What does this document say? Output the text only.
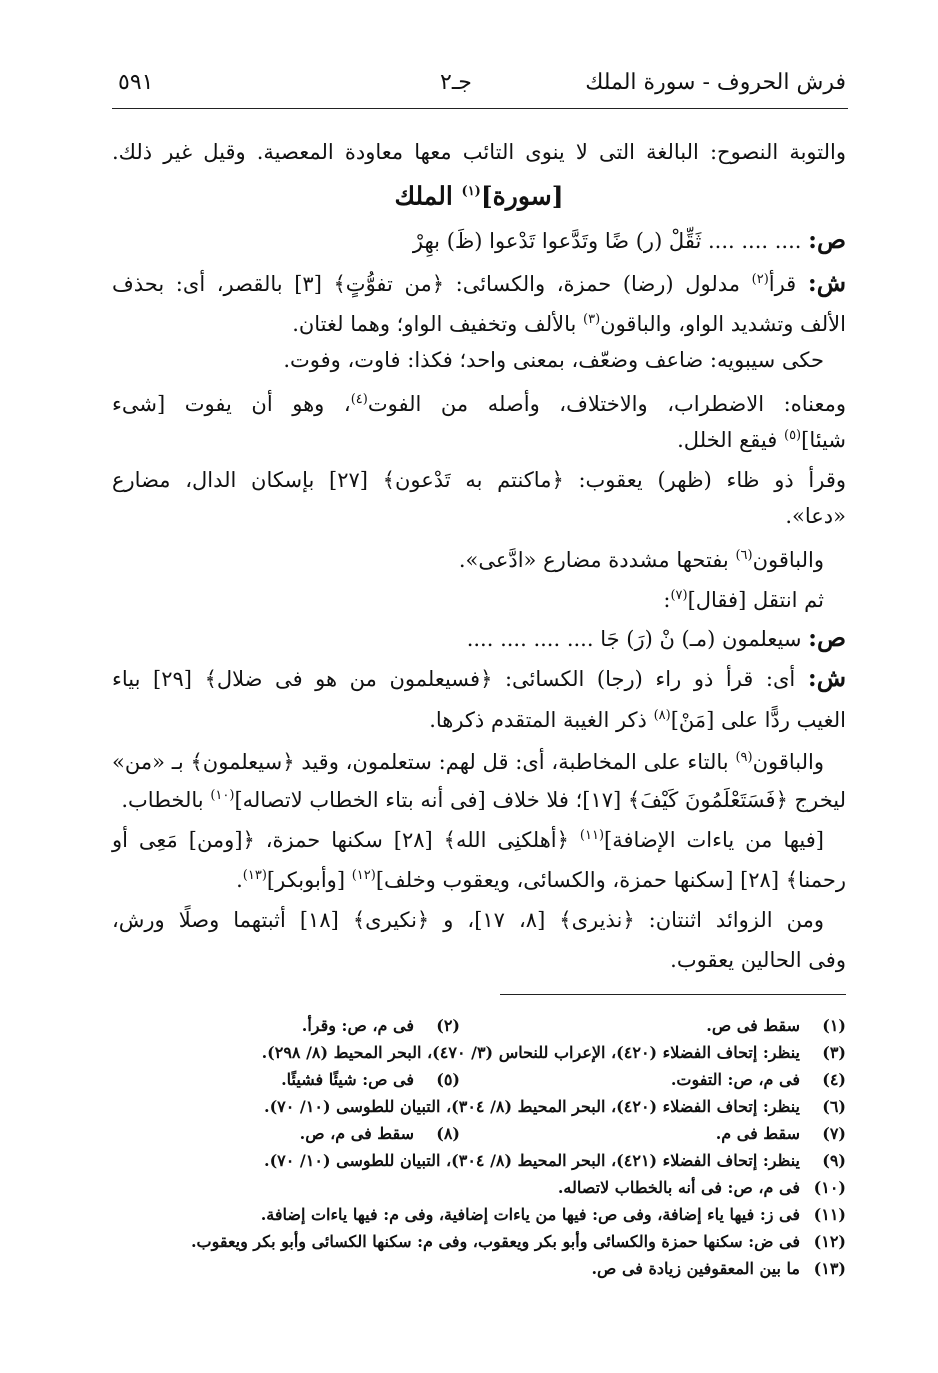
فرش الحروف - سورة الملك
جـ٢
٥٩١
والتوبة النصوح: البالغة التى لا ينوى التائب معها معاودة المعصية. وقيل غير ذلك.
[سورة]$^{(١)}$ الملك
ص: .... .... .... ثَقِّلْ (ر) ضًا وتَدَّعوا تَدْعوا (ظَ) بهِرْ
ش: قرأ$^{(٢)}$ مدلول (رضا) حمزة، والكسائى: ﴿من تفوُّتٍ﴾ [٣] بالقصر، أى: بحذف
الألف وتشديد الواو، والباقون$^{(٣)}$ بالألف وتخفيف الواو؛ وهما لغتان.
حكى سيبويه: ضاعف وضعّف، بمعنى واحد؛ فكذا: فاوت، وفوت.
ومعناه: الاضطراب، والاختلاف، وأصله من الفوت$^{(٤)}$، وهو أن يفوت [شىء
شيئا]$^{(٥)}$ فيقع الخلل.
وقرأ ذو ظاء (ظهر) يعقوب: ﴿ماكنتم به تَدْعون﴾ [٢٧] بإسكان الدال، مضارع
«دعا».
والباقون$^{(٦)}$ بفتحها مشددة مضارع «ادَّعى».
ثم انتقل [فقال]$^{(٧)}$:
ص: سيعلمون (مـ) نْ (رَ) جَا .... .... .... ....
ش: أى: قرأ ذو راء (رجا) الكسائى: ﴿فسيعلمون من هو فى ضلال﴾ [٢٩] بياء
الغيب ردًّا على [مَنْ]$^{(٨)}$ ذكر الغيبة المتقدم ذكرها.
والباقون$^{(٩)}$ بالتاء على المخاطبة، أى: قل لهم: ستعلمون، وقيد ﴿سيعلمون﴾ بـ «من»
ليخرج ﴿فَسَتَعْلَمُونَ كَيْفَ﴾ [١٧]؛ فلا خلاف [فى أنه بتاء الخطاب لاتصاله]$^{(١٠)}$ بالخطاب.
[فيها من ياءات الإضافة]$^{(١١)}$ ﴿أهلكنِى الله﴾ [٢٨] سكنها حمزة، ﴿[ومن] مَعِى أو
رحمنا﴾ [٢٨] [سكنها حمزة، والكسائى، ويعقوب وخلف]$^{(١٢)}$ [وأبوبكر]$^{(١٣)}$.
ومن الزوائد اثنتان: ﴿نذيرى﴾ [٨، ١٧]، و ﴿نكيرى﴾ [١٨] أثبتهما وصلًا ورش،
وفى الحالين يعقوب.
(١)سقط فى ص.(٢)فى م، ص: وقرأ.
(٣)ينظر: إتحاف الفضلاء (٤٢٠)، الإعراب للنحاس (٣/ ٤٧٠)، البحر المحيط (٨/ ٢٩٨).
(٤)فى م، ص: التفوت.(٥)فى ص: شيئًا فشيئًا.
(٦)ينظر: إتحاف الفضلاء (٤٢٠)، البحر المحيط (٨/ ٣٠٤)، التبيان للطوسى (١٠/ ٧٠).
(٧)سقط فى م.(٨)سقط فى م، ص.
(٩)ينظر: إتحاف الفضلاء (٤٢١)، البحر المحيط (٨/ ٣٠٤)، التبيان للطوسى (١٠/ ٧٠).
(١٠)فى م، ص: فى أنه بالخطاب لاتصاله.
(١١)فى ز: فيها ياء إضافة، وفى ص: فيها من ياءات إضافية، وفى م: فيها ياءات إضافة.
(١٢)فى ض: سكنها حمزة والكسائى وأبو بكر ويعقوب، وفى م: سكنها الكسائى وأبو بكر ويعقوب.
(١٣)ما بين المعقوفين زيادة فى ص.
